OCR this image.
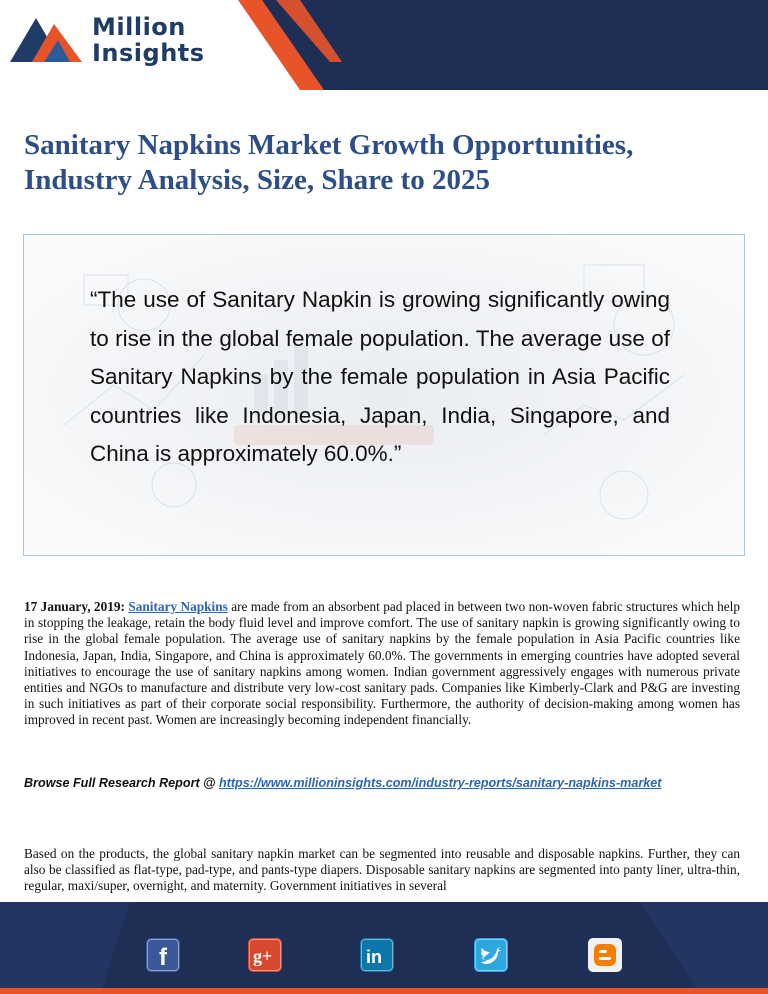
Million
Insights
Sanitary Napkins Market Growth Opportunities, Industry Analysis, Size, Share to 2025

“The use of Sanitary Napkin is growing significantly owing to rise in the global female population. The average use of Sanitary Napkins by the female population in Asia Pacific countries like Indonesia, Japan, India, Singapore, and China is approximately 60.0%.”

17 January, 2019: Sanitary Napkins are made from an absorbent pad placed in between two non-woven fabric structures which help in stopping the leakage, retain the body fluid level and improve comfort. The use of sanitary napkin is growing significantly owing to rise in the global female population. The average use of sanitary napkins by the female population in Asia Pacific countries like Indonesia, Japan, India, Singapore, and China is approximately 60.0%. The governments in emerging countries have adopted several initiatives to encourage the use of sanitary napkins among women. Indian government aggressively engages with numerous private entities and NGOs to manufacture and distribute very low-cost sanitary pads. Companies like Kimberly-Clark and P&G are investing in such initiatives as part of their corporate social responsibility. Furthermore, the authority of decision-making among women has improved in recent past. Women are increasingly becoming independent financially.

Browse Full Research Report @ https://www.millioninsights.com/industry-reports/sanitary-napkins-market

Based on the products, the global sanitary napkin market can be segmented into reusable and disposable napkins. Further, they can also be classified as flat-type, pad-type, and pants-type diapers. Disposable sanitary napkins are segmented into panty liner, ultra-thin, regular, maxi/super, overnight, and maternity. Government initiatives in several

f	g+	in
